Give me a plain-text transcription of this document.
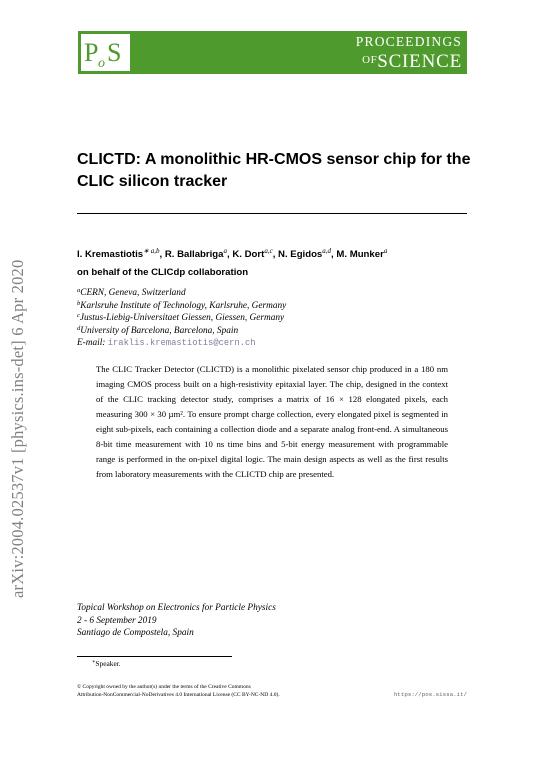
arXiv:2004.02537v1 [physics.ins-det] 6 Apr 2020
P o S	PROCEEDINGS
$^{OF}$SCIENCE
CLICTD: A monolithic HR-CMOS sensor chip for the CLIC silicon tracker
I. Kremastiotis$^{∗ a,b}$, R. Ballabriga$^a$, K. Dort$^{a,c}$, N. Egidos$^{a,d}$, M. Munker$^a$
on behalf of the CLICdp collaboration
$^a$CERN, Geneva, Switzerland
$^b$Karlsruhe Institute of Technology, Karlsruhe, Germany
$^c$Justus-Liebig-Universitaet Giessen, Giessen, Germany
$^d$University of Barcelona, Barcelona, Spain
E-mail: iraklis.kremastiotis@cern.ch

The CLIC Tracker Detector (CLICTD) is a monolithic pixelated sensor chip produced in a 180 nm imaging CMOS process built on a high-resistivity epitaxial layer. The chip, designed in the context of the CLIC tracking detector study, comprises a matrix of 16 × 128 elongated pixels, each measuring 300 × 30 µm². To ensure prompt charge collection, every elongated pixel is segmented in eight sub-pixels, each containing a collection diode and a separate analog front-end. A simultaneous 8-bit time measurement with 10 ns time bins and 5-bit energy measurement with programmable range is performed in the on-pixel digital logic. The main design aspects as well as the first results from laboratory measurements with the CLICTD chip are presented.

Topical Workshop on Electronics for Particle Physics
2 - 6 September 2019
Santiago de Compostela, Spain
∗Speaker.
© Copyright owned by the author(s) under the terms of the Creative Commons
Attribution-NonCommercial-NoDerivatives 4.0 International License (CC BY-NC-ND 4.0).	https://pos.sissa.it/
